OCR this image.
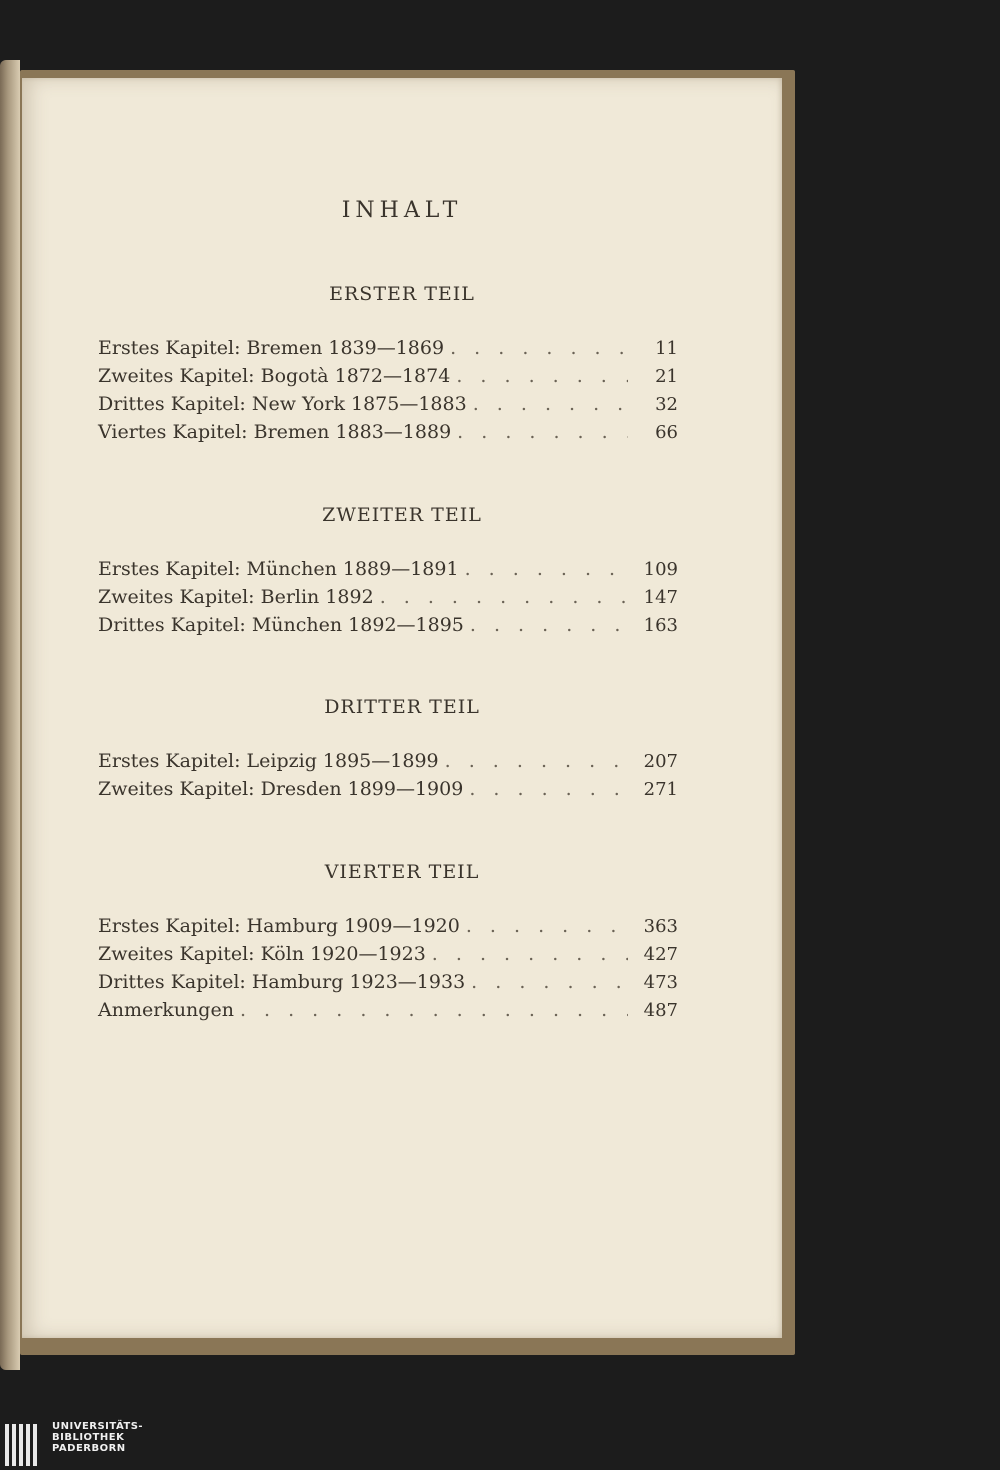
INHALT
ERSTER TEIL
Erstes Kapitel: Bremen 1839—1869 . . .	11
Zweites Kapitel: Bogotà 1872—1874 . . .	21
Drittes Kapitel: New York 1875—1883 . . .	32
Viertes Kapitel: Bremen 1883—1889 . . .	66
ZWEITER TEIL
Erstes Kapitel: München 1889—1891 . . .	109
Zweites Kapitel: Berlin 1892 . . .	147
Drittes Kapitel: München 1892—1895 . . .	163
DRITTER TEIL
Erstes Kapitel: Leipzig 1895—1899 . . .	207
Zweites Kapitel: Dresden 1899—1909 . . .	271
VIERTER TEIL
Erstes Kapitel: Hamburg 1909—1920 . . .	363
Zweites Kapitel: Köln 1920—1923 . . .	427
Drittes Kapitel: Hamburg 1923—1933 . . .	473
Anmerkungen . . .	487
UNIVERSITÄTS-
BIBLIOTHEK
PADERBORN
